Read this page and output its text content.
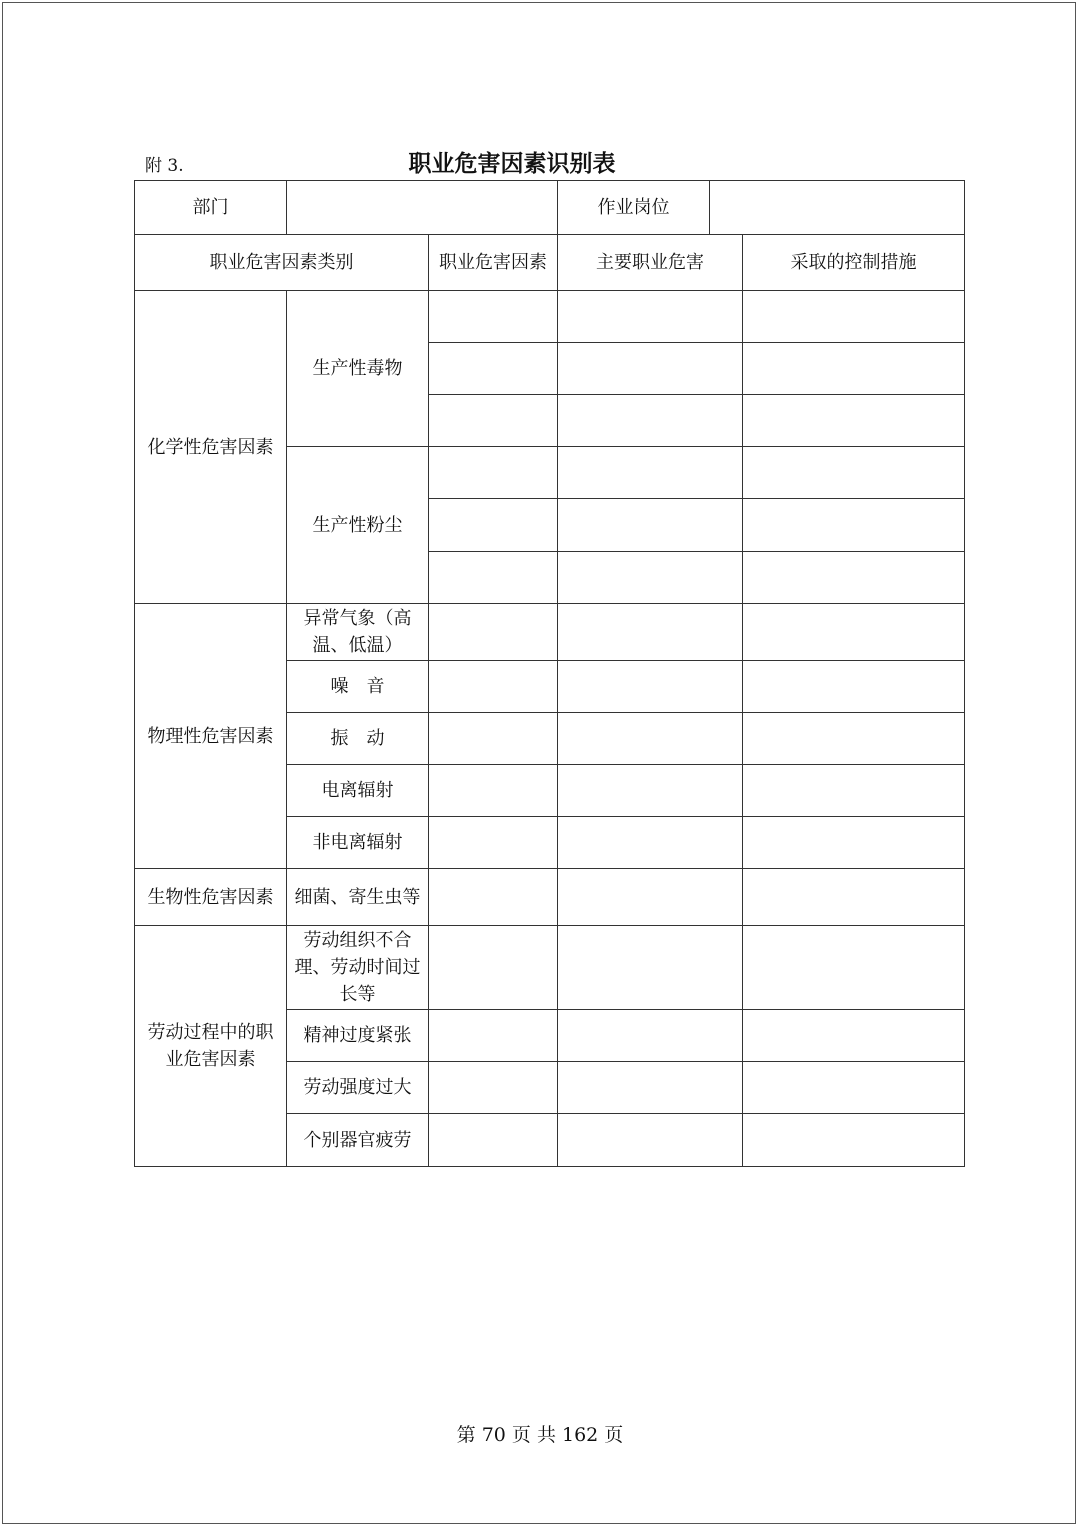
附 3.	职业危害因素识别表
部门			作业岗位	

职业危害因素类别		职业危害因素	主要职业危害	采取的控制措施
化学性危害因素	生产性毒物			

	生产性粉尘			

物理性危害因素	异常气象（高温、低温）			
	噪　音			
	振　动			
	电离辐射			
	非电离辐射			
生物性危害因素	细菌、寄生虫等			
劳动过程中的职业危害因素	劳动组织不合理、劳动时间过长等			
	精神过度紧张			
	劳动强度过大			
	个别器官疲劳			
第 70 页 共 162 页
